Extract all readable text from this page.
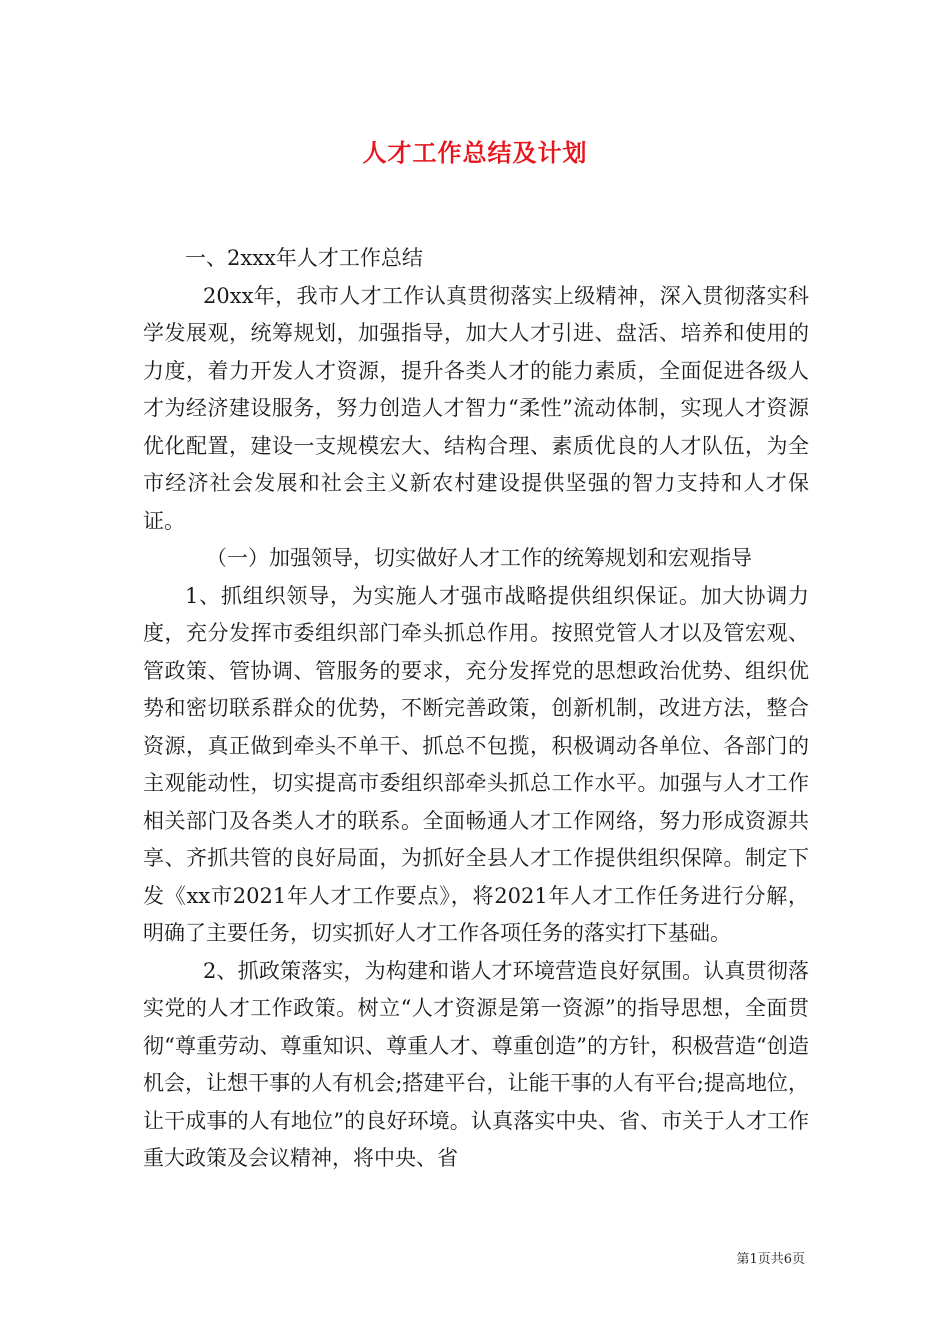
人才工作总结及计划

一、2xxx年人才工作总结

20xx年，我市人才工作认真贯彻落实上级精神，深入贯彻落实科学发展观，统筹规划，加强指导，加大人才引进、盘活、培养和使用的力度，着力开发人才资源，提升各类人才的能力素质，全面促进各级人才为经济建设服务，努力创造人才智力“柔性”流动体制，实现人才资源优化配置，建设一支规模宏大、结构合理、素质优良的人才队伍，为全市经济社会发展和社会主义新农村建设提供坚强的智力支持和人才保证。

（一）加强领导，切实做好人才工作的统筹规划和宏观指导

1、抓组织领导，为实施人才强市战略提供组织保证。加大协调力度，充分发挥市委组织部门牵头抓总作用。按照党管人才以及管宏观、管政策、管协调、管服务的要求，充分发挥党的思想政治优势、组织优势和密切联系群众的优势，不断完善政策，创新机制，改进方法，整合资源，真正做到牵头不单干、抓总不包揽，积极调动各单位、各部门的主观能动性，切实提高市委组织部牵头抓总工作水平。加强与人才工作相关部门及各类人才的联系。全面畅通人才工作网络，努力形成资源共享、齐抓共管的良好局面，为抓好全县人才工作提供组织保障。制定下发《xx市2021年人才工作要点》，将2021年人才工作任务进行分解，明确了主要任务，切实抓好人才工作各项任务的落实打下基础。

2、抓政策落实，为构建和谐人才环境营造良好氛围。认真贯彻落实党的人才工作政策。树立“人才资源是第一资源”的指导思想，全面贯彻“尊重劳动、尊重知识、尊重人才、尊重创造”的方针，积极营造“创造机会，让想干事的人有机会;搭建平台，让能干事的人有平台;提高地位，让干成事的人有地位”的良好环境。认真落实中央、省、市关于人才工作重大政策及会议精神，将中央、省

第1页共6页
